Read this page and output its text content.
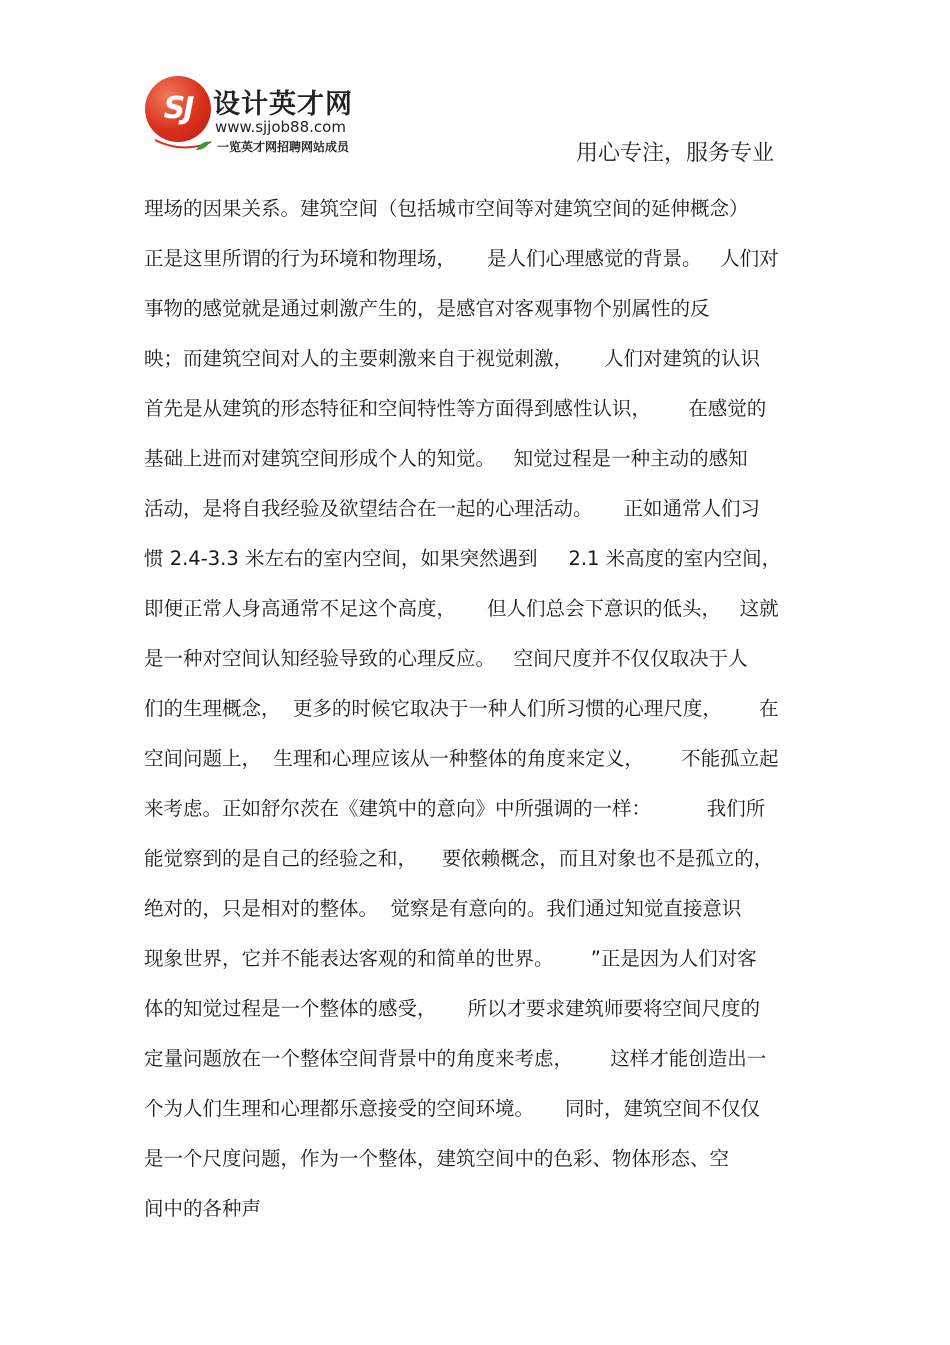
SJ 设计英才网
www.sjjob88.com
一览英才网招聘网站成员	用心专注，服务专业
理场的因果关系。建筑空间（包括城市空间等对建筑空间的延伸概念）
正是这里所谓的行为环境和物理场，     是人们心理感觉的背景。   人们对
事物的感觉就是通过刺激产生的，是感官对客观事物个别属性的反
映；而建筑空间对人的主要刺激来自于视觉刺激，     人们对建筑的认识
首先是从建筑的形态特征和空间特性等方面得到感性认识，      在感觉的
基础上进而对建筑空间形成个人的知觉。   知觉过程是一种主动的感知
活动，是将自我经验及欲望结合在一起的心理活动。     正如通常人们习
惯 2.4-3.3 米左右的室内空间，如果突然遇到     2.1 米高度的室内空间，
即便正常人身高通常不足这个高度，     但人们总会下意识的低头，   这就
是一种对空间认知经验导致的心理反应。   空间尺度并不仅仅取决于人
们的生理概念，  更多的时候它取决于一种人们所习惯的心理尺度，      在
空间问题上，  生理和心理应该从一种整体的角度来定义，      不能孤立起
来考虑。正如舒尔茨在《建筑中的意向》中所强调的一样：         我们所
能觉察到的是自己的经验之和，    要依赖概念，而且对象也不是孤立的，
绝对的，只是相对的整体。  觉察是有意向的。我们通过知觉直接意识
现象世界，它并不能表达客观的和简单的世界。      ”正是因为人们对客
体的知觉过程是一个整体的感受，     所以才要求建筑师要将空间尺度的
定量问题放在一个整体空间背景中的角度来考虑，      这样才能创造出一
个为人们生理和心理都乐意接受的空间环境。     同时，建筑空间不仅仅
是一个尺度问题，作为一个整体，建筑空间中的色彩、物体形态、空
间中的各种声
